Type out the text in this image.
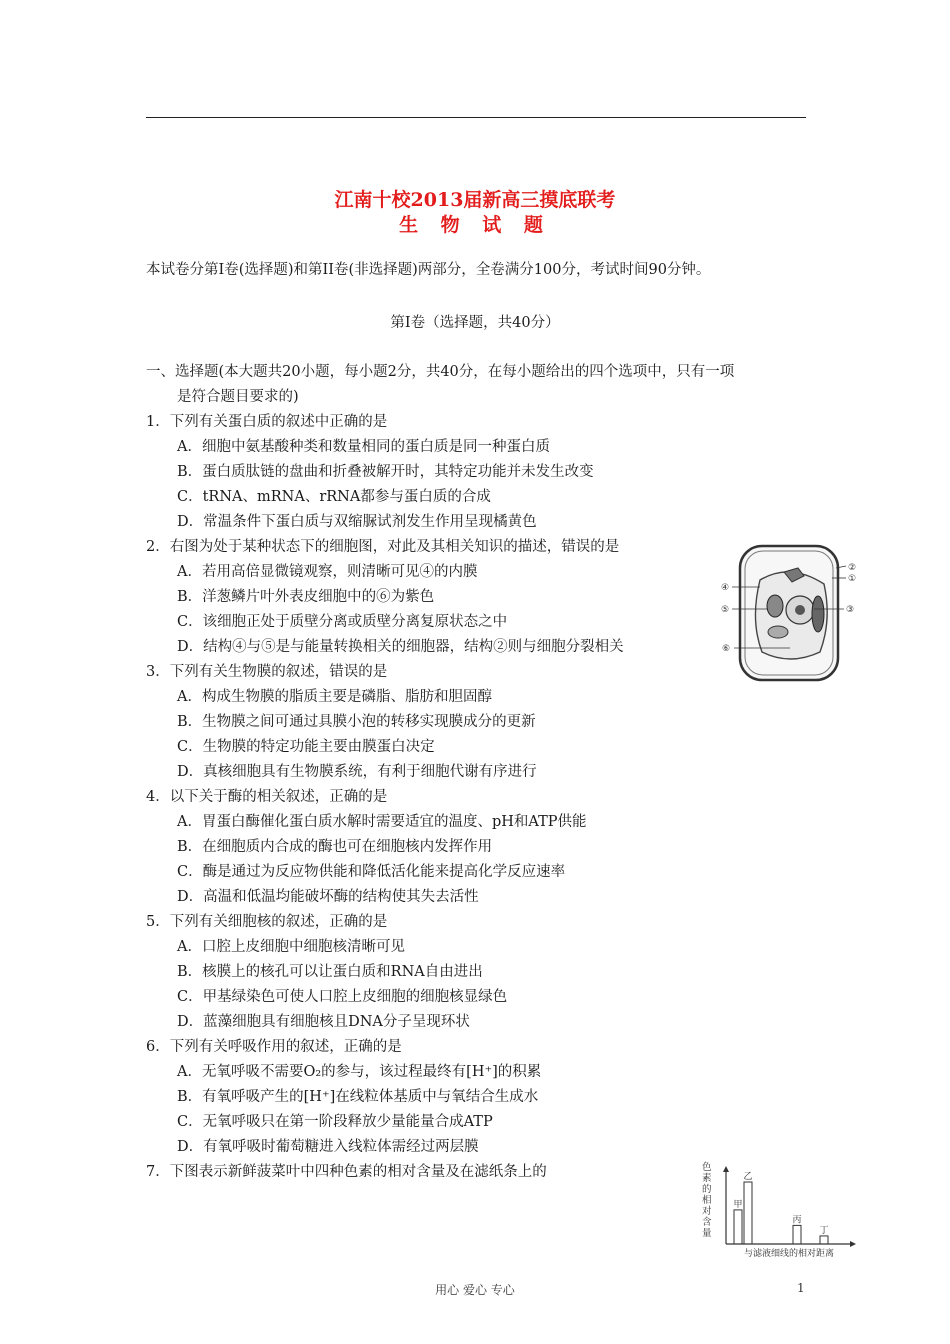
江南十校2013届新高三摸底联考
生 物 试 题
本试卷分第Ⅰ卷(选择题)和第II卷(非选择题)两部分，全卷满分100分，考试时间90分钟。
第Ⅰ卷（选择题，共40分）
一、选择题(本大题共20小题，每小题2分，共40分，在每小题给出的四个选项中，只有一项
是符合题目要求的)
1．下列有关蛋白质的叙述中正确的是
A．细胞中氨基酸种类和数量相同的蛋白质是同一种蛋白质
B．蛋白质肽链的盘曲和折叠被解开时，其特定功能并未发生改变
C．tRNA、mRNA、rRNA都参与蛋白质的合成
D．常温条件下蛋白质与双缩脲试剂发生作用呈现橘黄色
2．右图为处于某种状态下的细胞图，对此及其相关知识的描述，错误的是
A．若用高倍显微镜观察，则清晰可见④的内膜
B．洋葱鳞片叶外表皮细胞中的⑥为紫色
C．该细胞正处于质壁分离或质壁分离复原状态之中
D．结构④与⑤是与能量转换相关的细胞器，结构②则与细胞分裂相关
3．下列有关生物膜的叙述，错误的是
A．构成生物膜的脂质主要是磷脂、脂肪和胆固醇
B．生物膜之间可通过具膜小泡的转移实现膜成分的更新
C．生物膜的特定功能主要由膜蛋白决定
D．真核细胞具有生物膜系统，有利于细胞代谢有序进行
4．以下关于酶的相关叙述，正确的是
A．胃蛋白酶催化蛋白质水解时需要适宜的温度、pH和ATP供能
B．在细胞质内合成的酶也可在细胞核内发挥作用
C．酶是通过为反应物供能和降低活化能来提高化学反应速率
D．高温和低温均能破坏酶的结构使其失去活性
5．下列有关细胞核的叙述，正确的是
A．口腔上皮细胞中细胞核清晰可见
B．核膜上的核孔可以让蛋白质和RNA自由进出
C．甲基绿染色可使人口腔上皮细胞的细胞核显绿色
D．蓝藻细胞具有细胞核且DNA分子呈现环状
6．下列有关呼吸作用的叙述，正确的是
A．无氧呼吸不需要O₂的参与，该过程最终有[H⁺]的积累
B．有氧呼吸产生的[H⁺]在线粒体基质中与氧结合生成水
C．无氧呼吸只在第一阶段释放少量能量合成ATP
D．有氧呼吸时葡萄糖进入线粒体需经过两层膜
7．下图表示新鲜菠菜叶中四种色素的相对含量及在滤纸条上的
②
①
③
④
⑤
⑥
甲
乙
丙
丁
色素的相对含量
与滤液细线的相对距离
用心 爱心 专心	1
